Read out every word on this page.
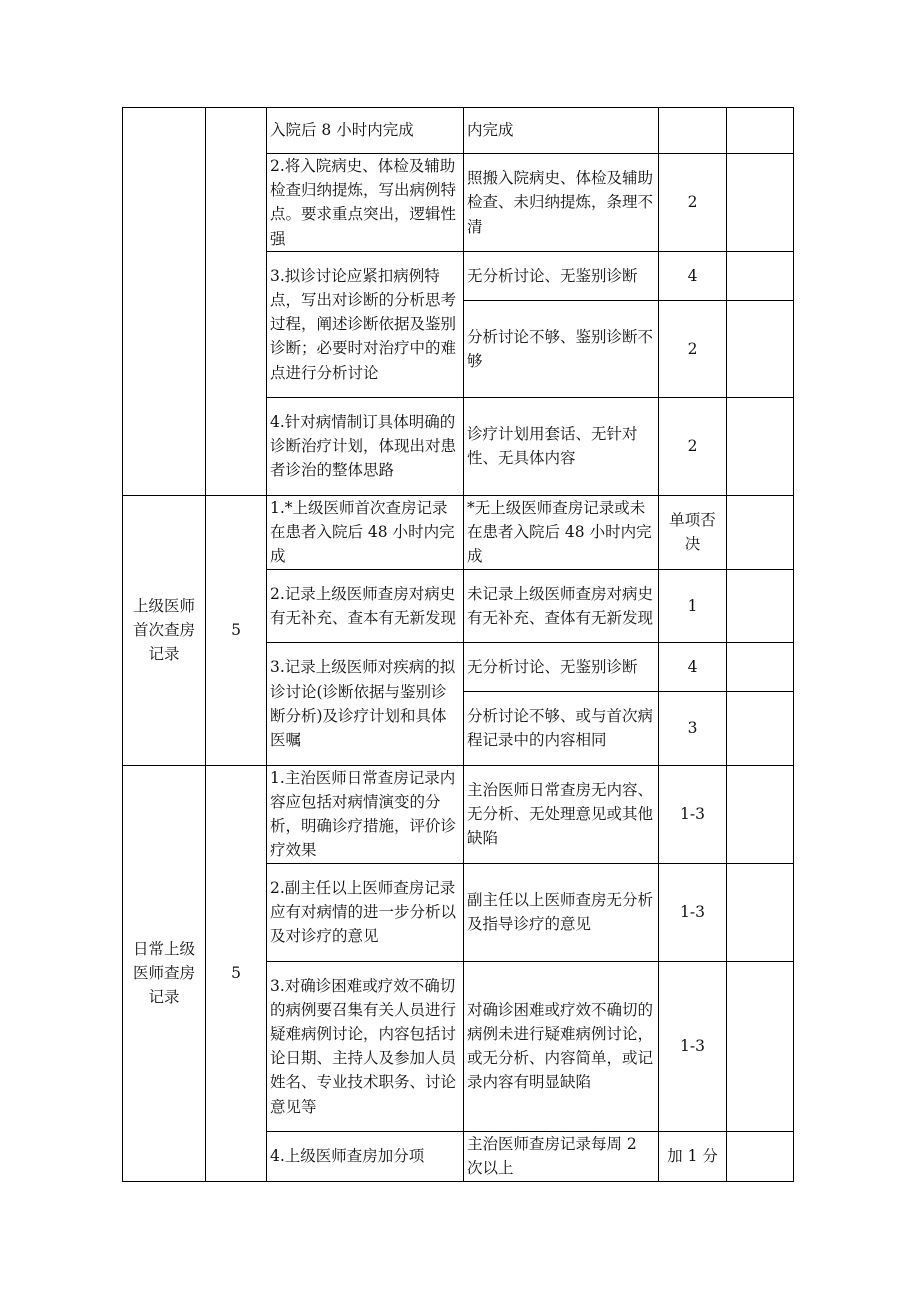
		入院后 8 小时内完成	内完成		
		2.将入院病史、体检及辅助检查归纳提炼，写出病例特点。要求重点突出，逻辑性强	照搬入院病史、体检及辅助检查、未归纳提炼，条理不清	2	
		3.拟诊讨论应紧扣病例特点，写出对诊断的分析思考过程，阐述诊断依据及鉴别诊断；必要时对治疗中的难点进行分析讨论	无分析讨论、无鉴别诊断	4	
			分析讨论不够、鉴别诊断不够	2	
		4.针对病情制订具体明确的诊断治疗计划，体现出对患者诊治的整体思路	诊疗计划用套话、无针对性、无具体内容	2	
上级医师首次查房记录	5	1.*上级医师首次查房记录在患者入院后 48 小时内完成	*无上级医师查房记录或未在患者入院后 48 小时内完成	单项否决	
		2.记录上级医师查房对病史有无补充、查本有无新发现	未记录上级医师查房对病史有无补充、查体有无新发现	1	
		3.记录上级医师对疾病的拟诊讨论(诊断依据与鉴别诊断分析)及诊疗计划和具体医嘱	无分析讨论、无鉴别诊断	4	
			分析讨论不够、或与首次病程记录中的内容相同	3	
日常上级医师查房记录	5	1.主治医师日常查房记录内容应包括对病情演变的分析，明确诊疗措施，评价诊疗效果	主治医师日常查房无内容、无分析、无处理意见或其他缺陷	1-3	
		2.副主任以上医师查房记录应有对病情的进一步分析以及对诊疗的意见	副主任以上医师查房无分析及指导诊疗的意见	1-3	
		3.对确诊困难或疗效不确切的病例要召集有关人员进行疑难病例讨论，内容包括讨论日期、主持人及参加人员姓名、专业技术职务、讨论意见等	对确诊困难或疗效不确切的病例未进行疑难病例讨论，或无分析、内容简单，或记录内容有明显缺陷	1-3	
		4.上级医师查房加分项	主治医师查房记录每周 2 次以上	加 1 分	
